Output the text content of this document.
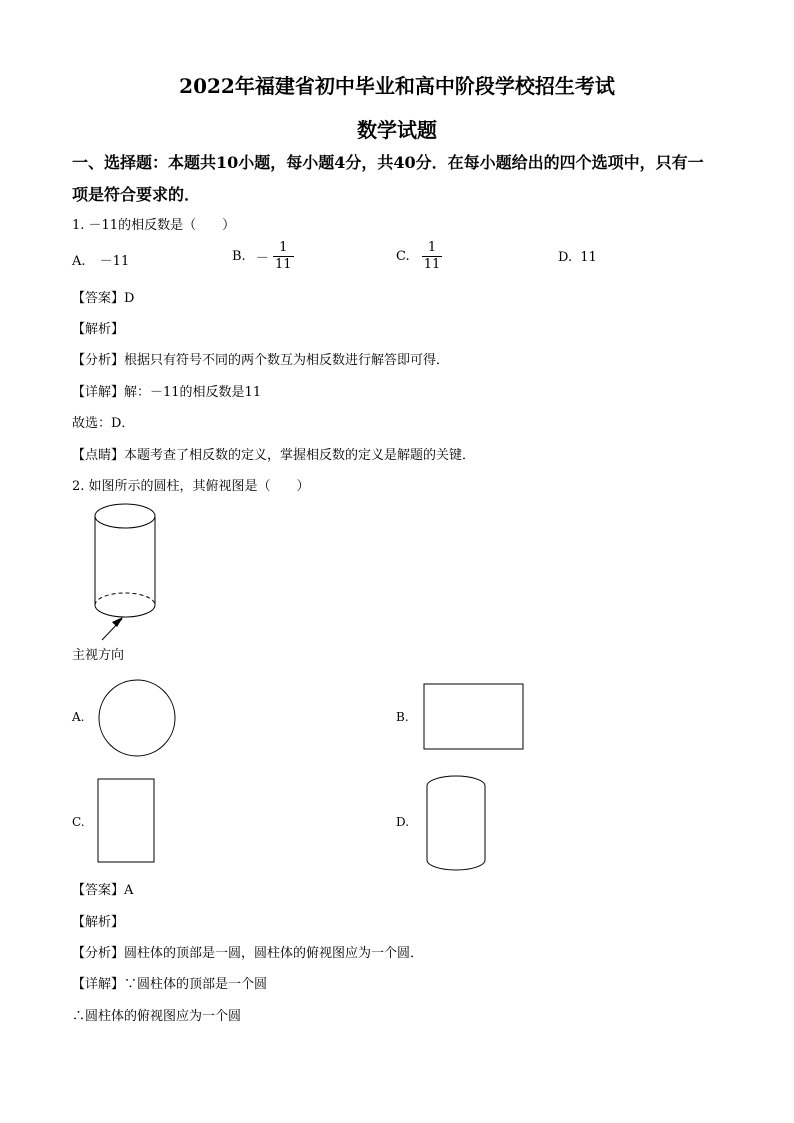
2022年福建省初中毕业和高中阶段学校招生考试
数学试题
一、选择题：本题共10小题，每小题4分，共40分．在每小题给出的四个选项中，只有一
项是符合要求的．
1. －11的相反数是（　　）
A. －11	B. － $\frac{1}{11}$	C. $\frac{1}{11}$	D. 11
【答案】D
【解析】
【分析】根据只有符号不同的两个数互为相反数进行解答即可得．
【详解】解：－11的相反数是11
故选：D．
【点睛】本题考查了相反数的定义，掌握相反数的定义是解题的关键．
2. 如图所示的圆柱，其俯视图是（　　）
主视方向
A.	B.
C.	D.
【答案】A
【解析】
【分析】圆柱体的顶部是一圆，圆柱体的俯视图应为一个圆．
【详解】∵圆柱体的顶部是一个圆
∴圆柱体的俯视图应为一个圆
